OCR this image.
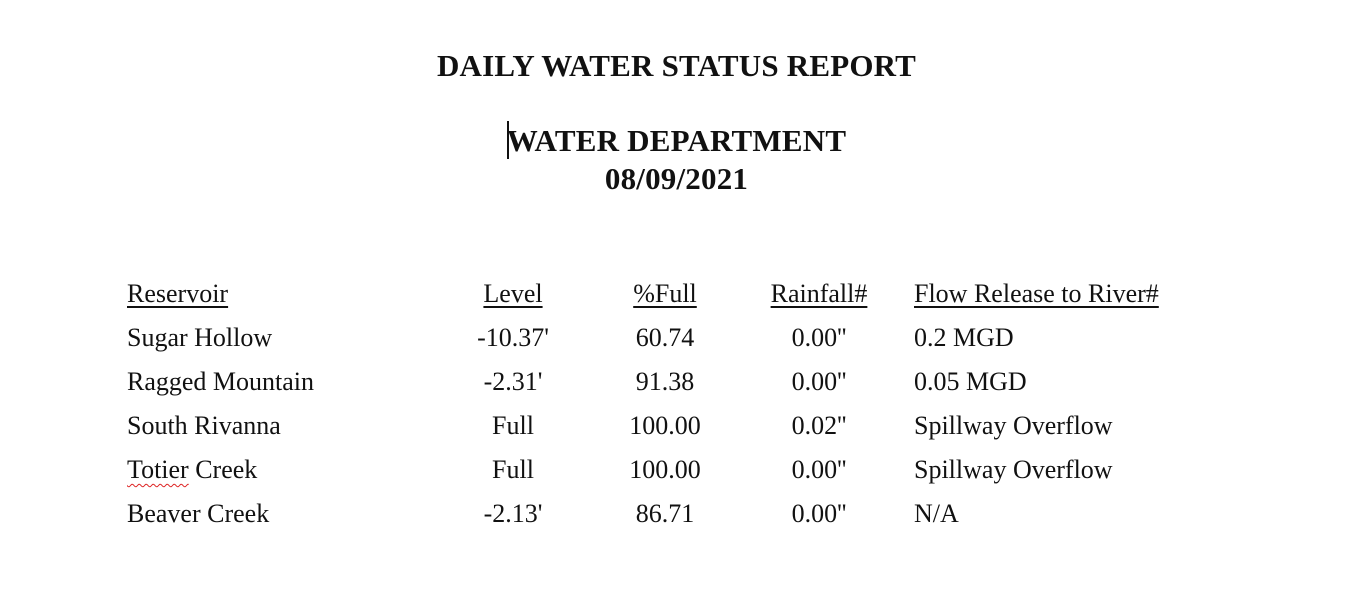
DAILY WATER STATUS REPORT
WATER DEPARTMENT
08/09/2021
Reservoir	Level	%Full	Rainfall#	Flow Release to River#
Sugar Hollow	-10.37'	60.74	0.00''	0.2 MGD
Ragged Mountain	-2.31'	91.38	0.00''	0.05 MGD
South Rivanna	Full	100.00	0.02''	Spillway Overflow
Totier Creek	Full	100.00	0.00''	Spillway Overflow
Beaver Creek	-2.13'	86.71	0.00''	N/A
